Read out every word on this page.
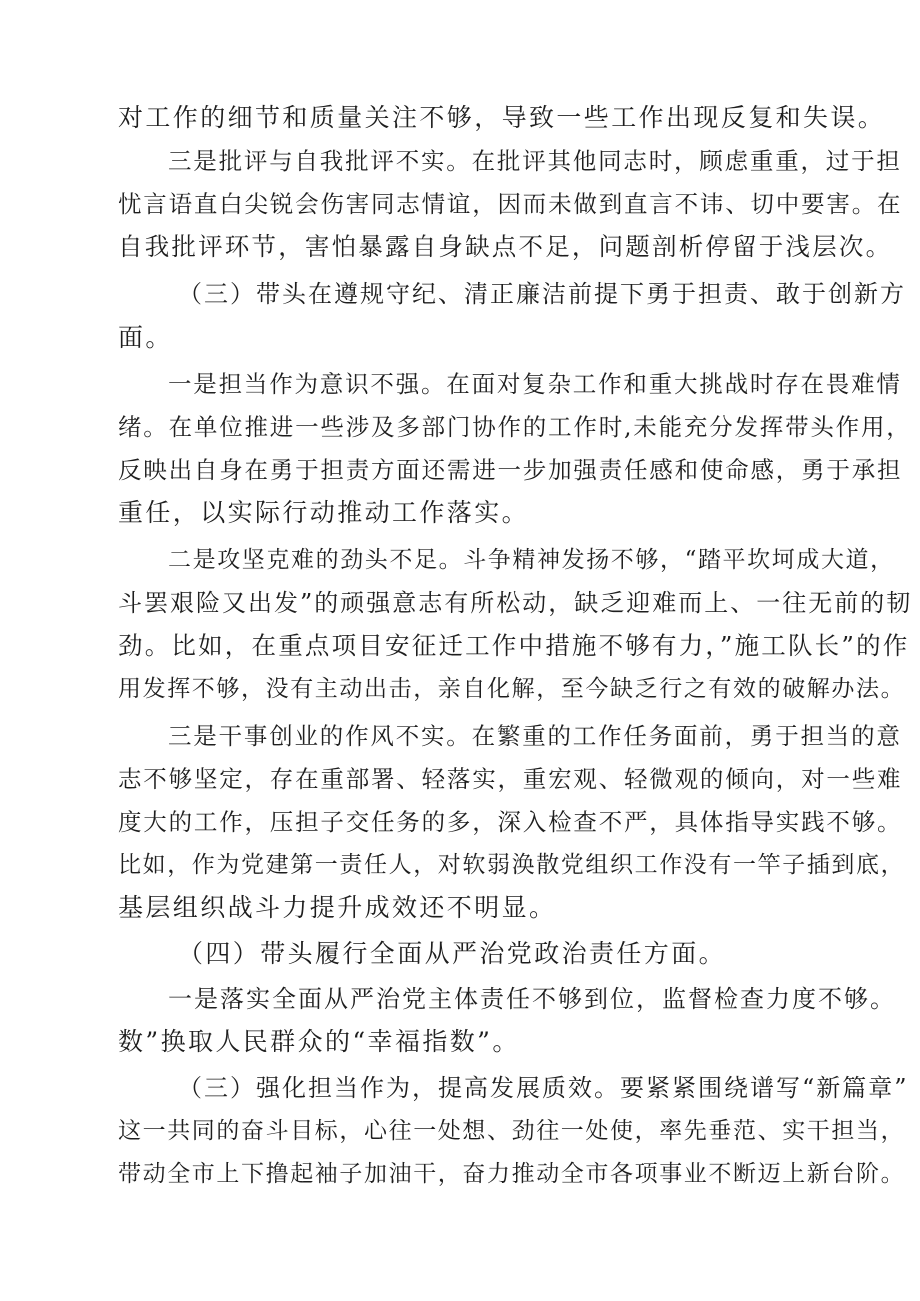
对工作的细节和质量关注不够，导致一些工作出现反复和失误。
三是批评与自我批评不实。在批评其他同志时，顾虑重重，过于担
忧言语直白尖锐会伤害同志情谊，因而未做到直言不讳、切中要害。在
自我批评环节，害怕暴露自身缺点不足，问题剖析停留于浅层次。
（三）带头在遵规守纪、清正廉洁前提下勇于担责、敢于创新方
面。
一是担当作为意识不强。在面对复杂工作和重大挑战时存在畏难情
绪。在单位推进一些涉及多部门协作的工作时,未能充分发挥带头作用，
反映出自身在勇于担责方面还需进一步加强责任感和使命感，勇于承担
重任，以实际行动推动工作落实。
二是攻坚克难的劲头不足。斗争精神发扬不够，“踏平坎坷成大道，
斗罢艰险又出发”的顽强意志有所松动，缺乏迎难而上、一往无前的韧
劲。比如，在重点项目安征迁工作中措施不够有力，”施工队长”的作
用发挥不够，没有主动出击，亲自化解，至今缺乏行之有效的破解办法。
三是干事创业的作风不实。在繁重的工作任务面前，勇于担当的意
志不够坚定，存在重部署、轻落实，重宏观、轻微观的倾向，对一些难
度大的工作，压担子交任务的多，深入检查不严，具体指导实践不够。
比如，作为党建第一责任人，对软弱涣散党组织工作没有一竿子插到底，
基层组织战斗力提升成效还不明显。
（四）带头履行全面从严治党政治责任方面。
一是落实全面从严治党主体责任不够到位，监督检查力度不够。
数”换取人民群众的“幸福指数”。
（三）强化担当作为，提高发展质效。要紧紧围绕谱写“新篇章”
这一共同的奋斗目标，心往一处想、劲往一处使，率先垂范、实干担当，
带动全市上下撸起袖子加油干，奋力推动全市各项事业不断迈上新台阶。
